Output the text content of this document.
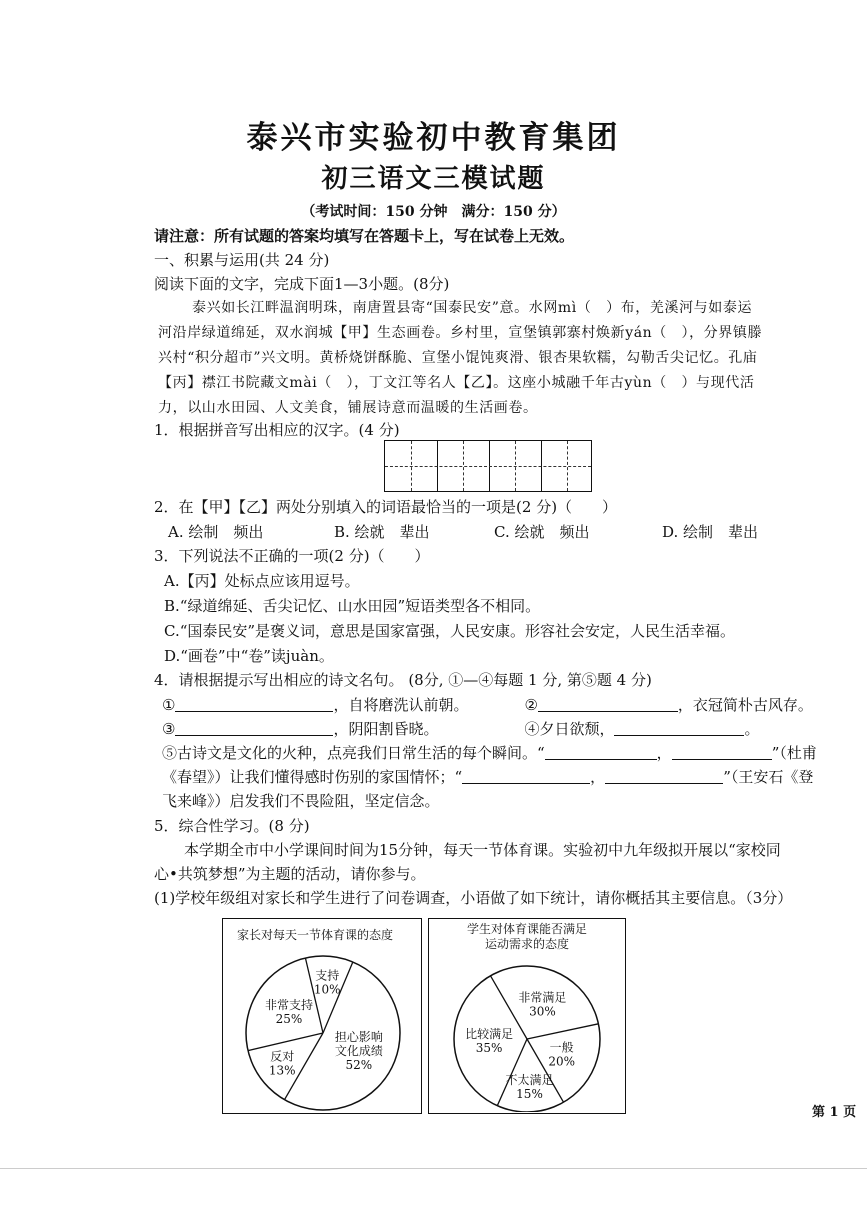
泰兴市实验初中教育集团
初三语文三模试题
（考试时间：150 分钟　满分：150 分）
请注意：所有试题的答案均填写在答题卡上，写在试卷上无效。
一、积累与运用(共 24 分)
阅读下面的文字，完成下面1—3小题。(8分)
泰兴如长江畔温润明珠，南唐置县寄“国泰民安”意。水网mì（　）布，羌溪河与如泰运
河沿岸绿道绵延，双水润城【甲】生态画卷。乡村里，宣堡镇郭寨村焕新yán（　），分界镇滕
兴村“积分超市”兴文明。黄桥烧饼酥脆、宣堡小馄饨爽滑、银杏果软糯，勾勒舌尖记忆。孔庙
【丙】襟江书院藏文mài（　），丁文江等名人【乙】。这座小城融千年古yùn（　）与现代活
力，以山水田园、人文美食，铺展诗意而温暖的生活画卷。
1．根据拼音写出相应的汉字。(4 分)
2．在【甲】【乙】两处分别填入的词语最恰当的一项是(2 分)（　　）
A. 绘制　频出	B. 绘就　辈出	C. 绘就　频出	D. 绘制　辈出
3．下列说法不正确的一项(2 分)（　　）
A.【丙】处标点应该用逗号。
B.“绿道绵延、舌尖记忆、山水田园”短语类型各不相同。
C.“国泰民安”是褒义词，意思是国家富强，人民安康。形容社会安定，人民生活幸福。
D.“画卷”中“卷”读juàn。
4．请根据提示写出相应的诗文名句。 (8分, ①—④每题 1 分, 第⑤题 4 分)
①	，自将磨洗认前朝。	②	，衣冠简朴古风存。
③	，阴阳割昏晓。	④夕日欲颓，	。
⑤古诗文是文化的火种，点亮我们日常生活的每个瞬间。“	，	”（杜甫
《春望》）让我们懂得感时伤别的家国情怀；“	，	”（王安石《登
飞来峰》）启发我们不畏险阻，坚定信念。
5．综合性学习。(8 分)
本学期全市中小学课间时间为15分钟，每天一节体育课。实验初中九年级拟开展以“家校同
心•共筑梦想”为主题的活动，请你参与。
(1)学校年级组对家长和学生进行了问卷调查，小语做了如下统计，请你概括其主要信息。（3分）
家长对每天一节体育课的态度
反对
13%
非常支持
25%
支持
10%
担心影响
文化成绩
52%
学生对体育课能否满足
运动需求的态度
不太满足
15%
比较满足
35%
非常满足
30%
一般
20%
第 1 页
